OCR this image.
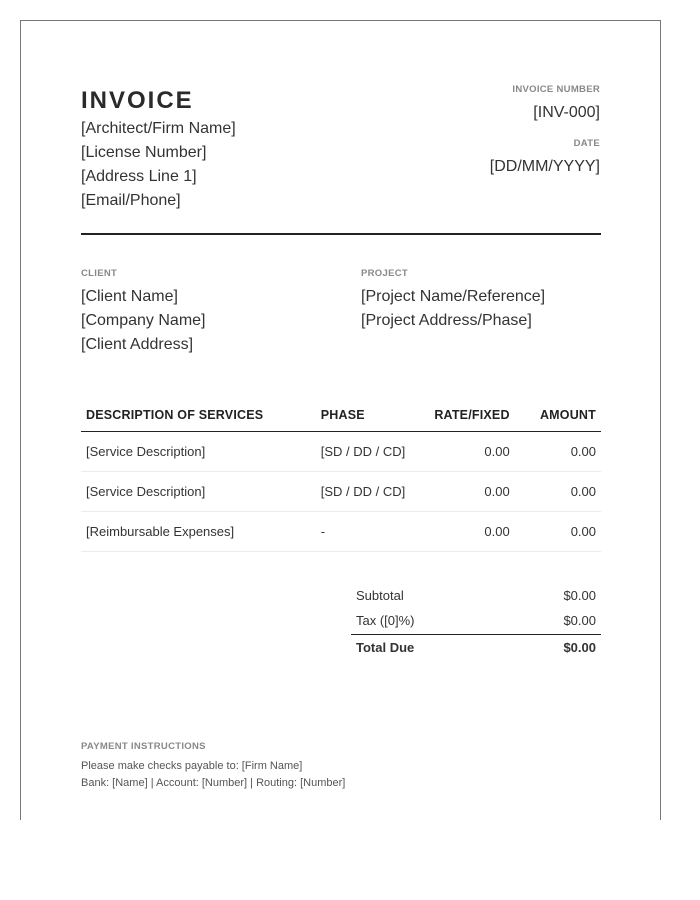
INVOICE
[Architect/Firm Name]
[License Number]
[Address Line 1]
[Email/Phone]
INVOICE NUMBER
[INV-000]
DATE
[DD/MM/YYYY]
CLIENT
[Client Name]
[Company Name]
[Client Address]
PROJECT
[Project Name/Reference]
[Project Address/Phase]
DESCRIPTION OF SERVICES	PHASE	RATE/FIXED	AMOUNT
[Service Description]	[SD / DD / CD]	0.00	0.00
[Service Description]	[SD / DD / CD]	0.00	0.00
[Reimbursable Expenses]	-	0.00	0.00
Subtotal	$0.00
Tax ([0]%)	$0.00
Total Due	$0.00
PAYMENT INSTRUCTIONS
Please make checks payable to: [Firm Name]
Bank: [Name] | Account: [Number] | Routing: [Number]
